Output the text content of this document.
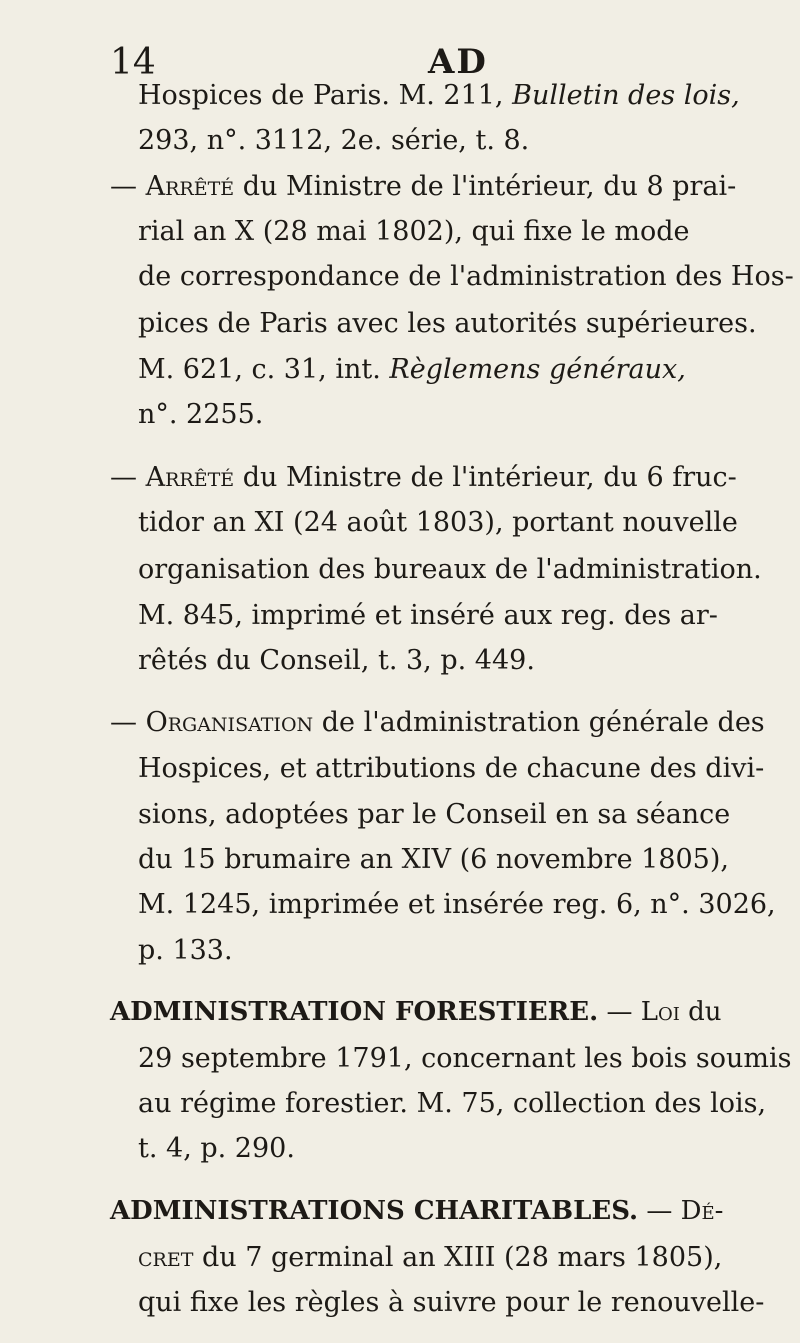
14	AD
Hospices de Paris. M. 211, Bulletin des lois,
293, n°. 3112, 2e. série, t. 8.
— Arrêté du Ministre de l'intérieur, du 8 prai-
rial an X (28 mai 1802), qui fixe le mode
de correspondance de l'administration des Hos-
pices de Paris avec les autorités supérieures.
M. 621, c. 31, int. Règlemens généraux,
n°. 2255.
— Arrêté du Ministre de l'intérieur, du 6 fruc-
tidor an XI (24 août 1803), portant nouvelle
organisation des bureaux de l'administration.
M. 845, imprimé et inséré aux reg. des ar-
rêtés du Conseil, t. 3, p. 449.
— Organisation de l'administration générale des
Hospices, et attributions de chacune des divi-
sions, adoptées par le Conseil en sa séance
du 15 brumaire an XIV (6 novembre 1805),
M. 1245, imprimée et insérée reg. 6, n°. 3026,
p. 133.
ADMINISTRATION FORESTIERE. — Loi du
29 septembre 1791, concernant les bois soumis
au régime forestier. M. 75, collection des lois,
t. 4, p. 290.
ADMINISTRATIONS CHARITABLES. — Dé-
cret du 7 germinal an XIII (28 mars 1805),
qui fixe les règles à suivre pour le renouvelle-
